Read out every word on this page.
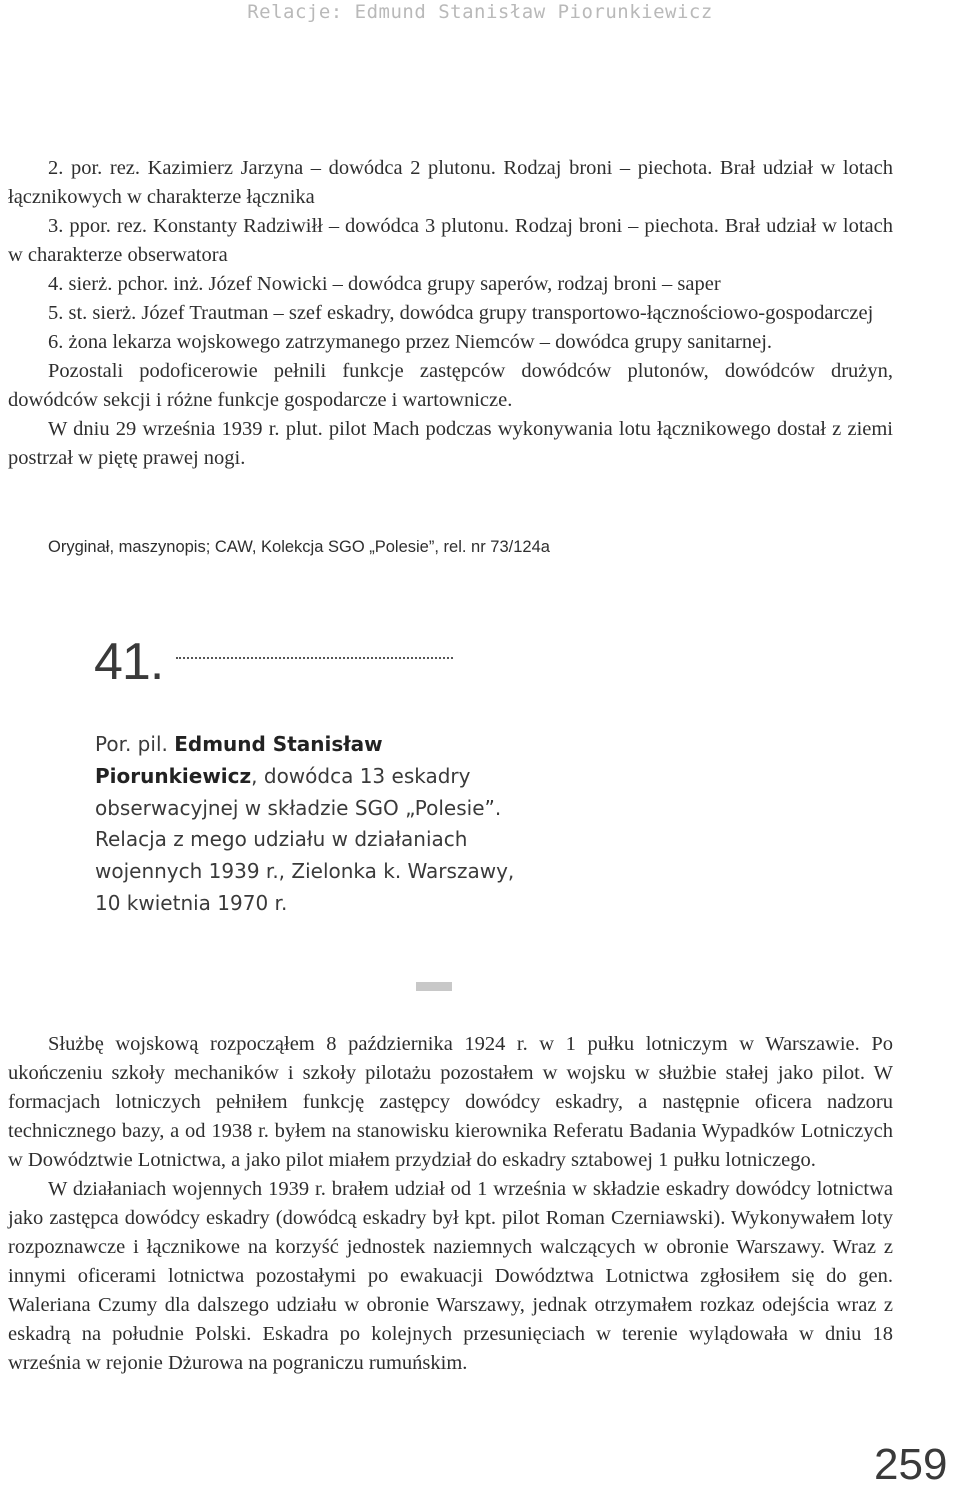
Relacje: Edmund Stanisław Piorunkiewicz

2. por. rez. Kazimierz Jarzyna – dowódca 2 plutonu. Rodzaj broni – piechota. Brał udział w lotach łącznikowych w charakterze łącznika

3. ppor. rez. Konstanty Radziwiłł – dowódca 3 plutonu. Rodzaj broni – piechota. Brał udział w lotach w charakterze obserwatora

4. sierż. pchor. inż. Józef Nowicki – dowódca grupy saperów, rodzaj broni – saper

5. st. sierż. Józef Trautman – szef eskadry, dowódca grupy transportowo-łącznościowo-gospodarczej

6. żona lekarza wojskowego zatrzymanego przez Niemców – dowódca grupy sanitarnej.

Pozostali podoficerowie pełnili funkcje zastępców dowódców plutonów, dowódców drużyn, dowódców sekcji i różne funkcje gospodarcze i wartownicze.

W dniu 29 września 1939 r. plut. pilot Mach podczas wykonywania lotu łącznikowego dostał z ziemi postrzał w piętę prawej nogi.

Oryginał, maszynopis; CAW, Kolekcja SGO „Polesie”, rel. nr 73/124a
41.
Por. pil. Edmund Stanisław Piorunkiewicz, dowódca 13 eskadry obserwacyjnej w składzie SGO „Polesie”. Relacja z mego udziału w działaniach wojennych 1939 r., Zielonka k. Warszawy, 10 kwietnia 1970 r.

Służbę wojskową rozpocząłem 8 października 1924 r. w 1 pułku lotniczym w Warszawie. Po ukończeniu szkoły mechaników i szkoły pilotażu pozostałem w wojsku w służbie stałej jako pilot. W formacjach lotniczych pełniłem funkcję zastępcy dowódcy eskadry, a następnie oficera nadzoru technicznego bazy, a od 1938 r. byłem na stanowisku kierownika Referatu Badania Wypadków Lotniczych w Dowództwie Lotnictwa, a jako pilot miałem przydział do eskadry sztabowej 1 pułku lotniczego.

W działaniach wojennych 1939 r. brałem udział od 1 września w składzie eskadry dowódcy lotnictwa jako zastępca dowódcy eskadry (dowódcą eskadry był kpt. pilot Roman Czerniawski). Wykonywałem loty rozpoznawcze i łącznikowe na korzyść jednostek naziemnych walczących w obronie Warszawy. Wraz z innymi oficerami lotnictwa pozostałymi po ewakuacji Dowództwa Lotnictwa zgłosiłem się do gen. Waleriana Czumy dla dalszego udziału w obronie Warszawy, jednak otrzymałem rozkaz odejścia wraz z eskadrą na południe Polski. Eskadra po kolejnych przesunięciach w terenie wylądowała w dniu 18 września w rejonie Dżurowa na pograniczu rumuńskim.

259
